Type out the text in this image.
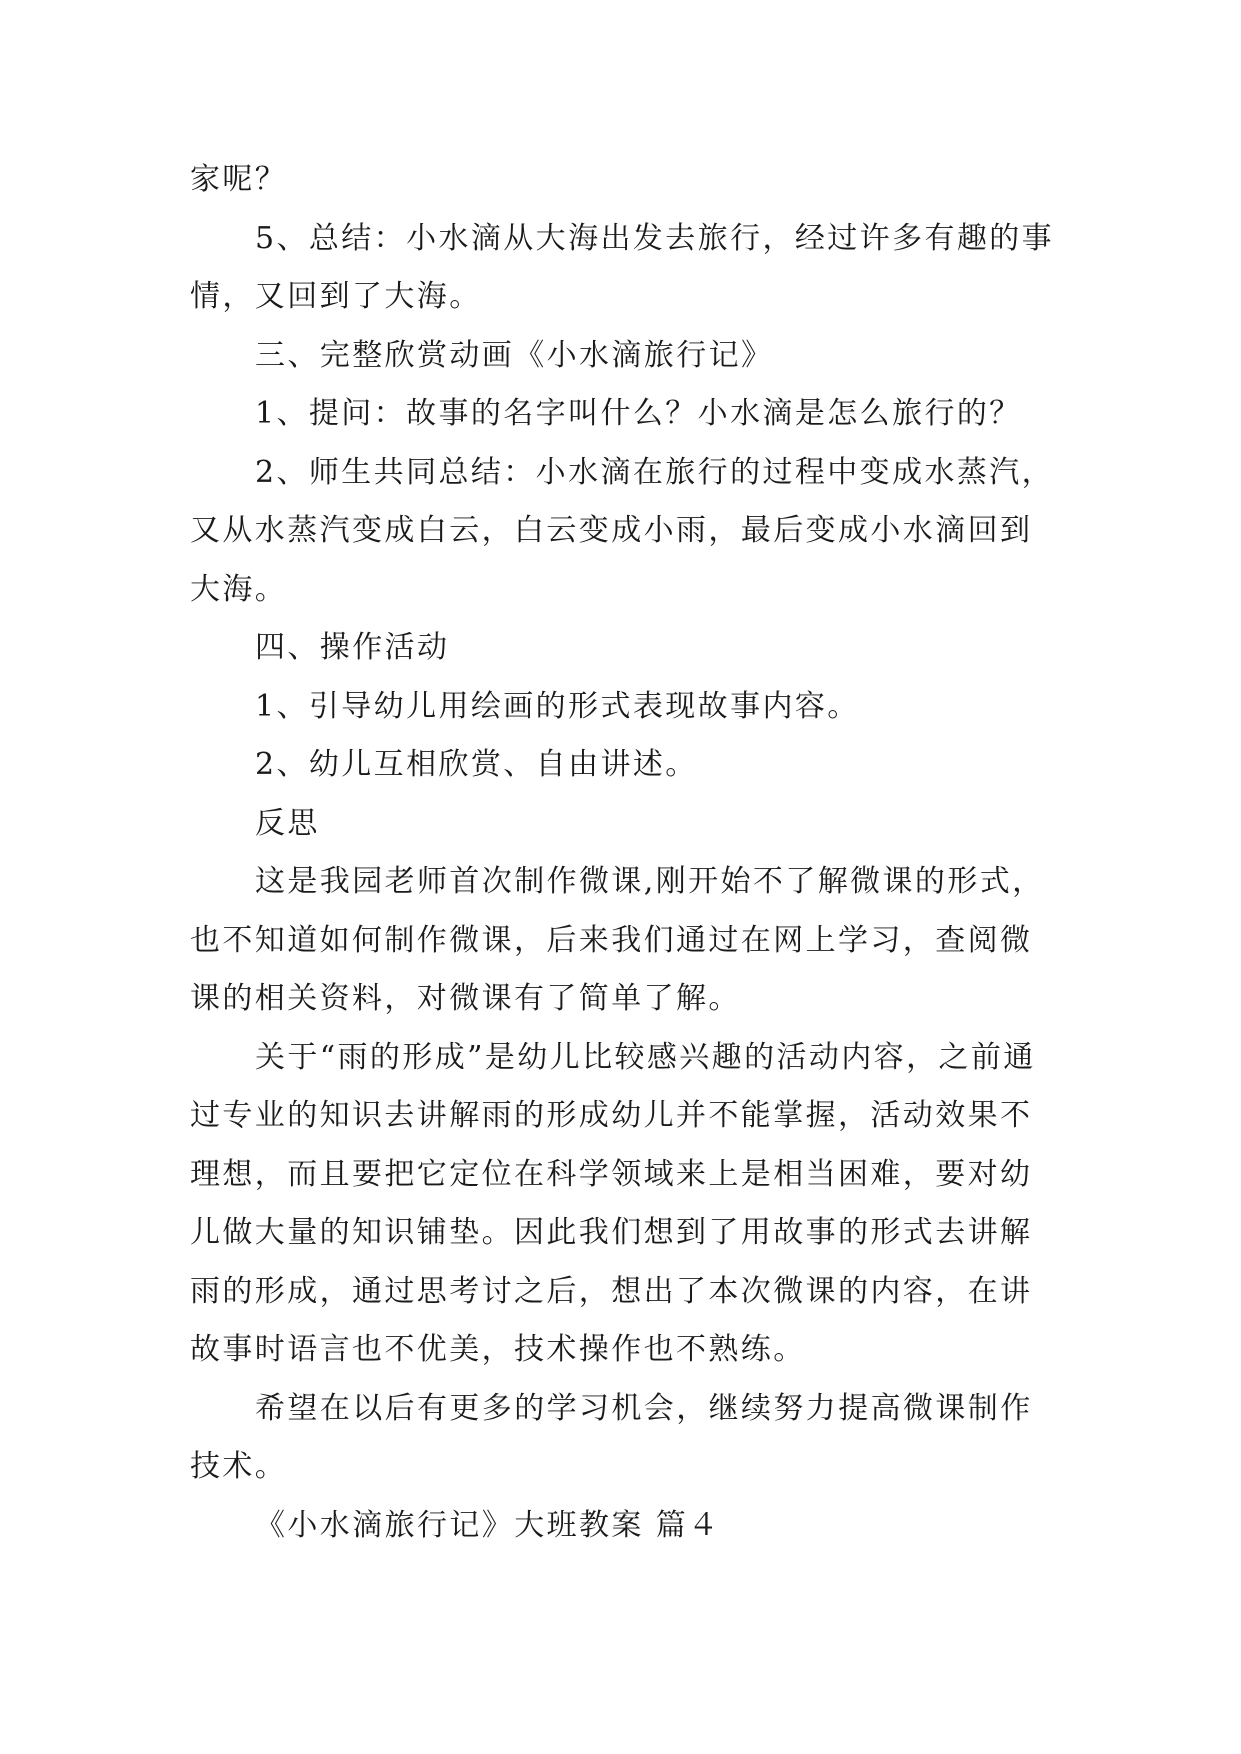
家呢？

5、总结：小水滴从大海出发去旅行，经过许多有趣的事情，又回到了大海。

三、完整欣赏动画《小水滴旅行记》

1、提问：故事的名字叫什么？小水滴是怎么旅行的？

2、师生共同总结：小水滴在旅行的过程中变成水蒸汽，又从水蒸汽变成白云，白云变成小雨，最后变成小水滴回到大海。

四、操作活动

1、引导幼儿用绘画的形式表现故事内容。

2、幼儿互相欣赏、自由讲述。

反思

这是我园老师首次制作微课,刚开始不了解微课的形式，也不知道如何制作微课，后来我们通过在网上学习，查阅微课的相关资料，对微课有了简单了解。

关于“雨的形成”是幼儿比较感兴趣的活动内容，之前通过专业的知识去讲解雨的形成幼儿并不能掌握，活动效果不理想，而且要把它定位在科学领域来上是相当困难，要对幼儿做大量的知识铺垫。因此我们想到了用故事的形式去讲解雨的形成，通过思考讨之后，想出了本次微课的内容，在讲故事时语言也不优美，技术操作也不熟练。

希望在以后有更多的学习机会，继续努力提高微课制作技术。

《小水滴旅行记》大班教案 篇４
